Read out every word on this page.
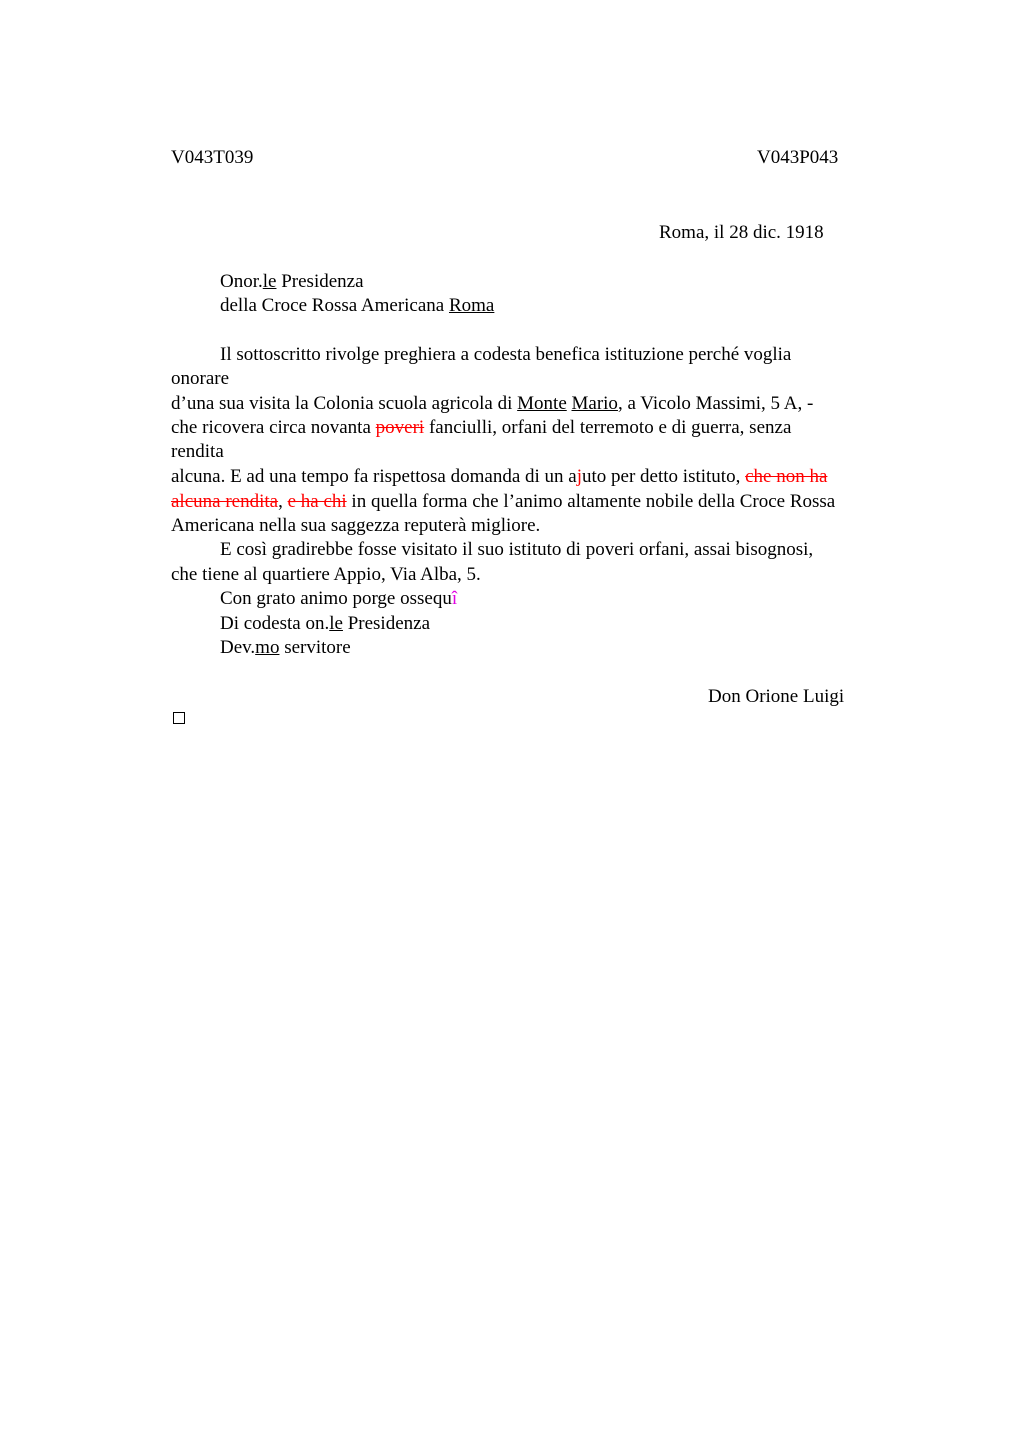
V043T039	V043P043
Roma, il 28 dic. 1918
Onor.le Presidenza
della Croce Rossa Americana Roma
Il sottoscritto rivolge preghiera a codesta benefica istituzione perché voglia
onorare
d’una sua visita la Colonia scuola agricola di Monte Mario, a Vicolo Massimi, 5 A, -
che ricovera circa novanta poveri fanciulli, orfani del terremoto e di guerra, senza
rendita
alcuna. E ad una tempo fa rispettosa domanda di un ajuto per detto istituto, che non ha
alcuna rendita, e ha chi in quella forma che l’animo altamente nobile della Croce Rossa
Americana nella sua saggezza reputerà migliore.
E così gradirebbe fosse visitato il suo istituto di poveri orfani, assai bisognosi,
che tiene al quartiere Appio, Via Alba, 5.
Con grato animo porge ossequî
Di codesta on.le Presidenza
Dev.mo servitore
Don Orione Luigi
